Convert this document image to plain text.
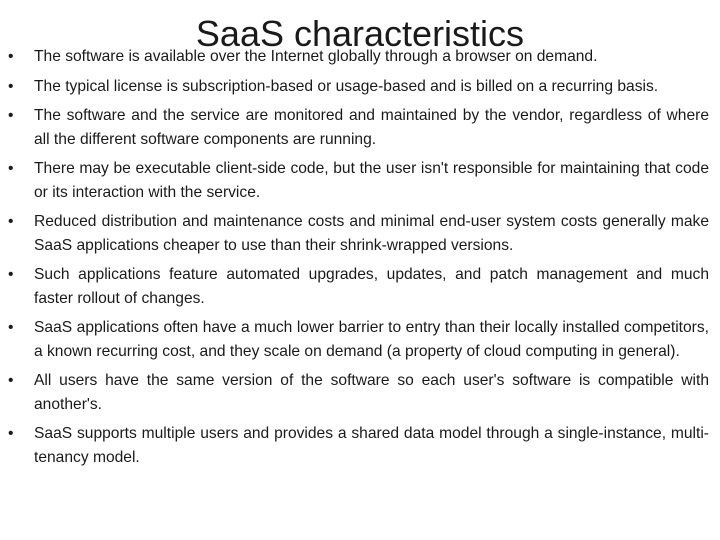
SaaS characteristics
•	The software is available over the Internet globally through a browser on demand.
•	The typical license is subscription-based or usage-based and is billed on a recurring basis.
•	The software and the service are monitored and maintained by the vendor, regardless of where all the different software components are running.
•	There may be executable client-side code, but the user isn't responsible for maintaining that code or its interaction with the service.
•	Reduced distribution and maintenance costs and minimal end-user system costs generally make SaaS applications cheaper to use than their shrink-wrapped versions.
•	Such applications feature automated upgrades, updates, and patch management and much faster rollout of changes.
•	SaaS applications often have a much lower barrier to entry than their locally installed competitors, a known recurring cost, and they scale on demand (a property of cloud computing in general).
•	All users have the same version of the software so each user's software is compatible with another's.
•	SaaS supports multiple users and provides a shared data model through a single-instance, multi-tenancy model.
